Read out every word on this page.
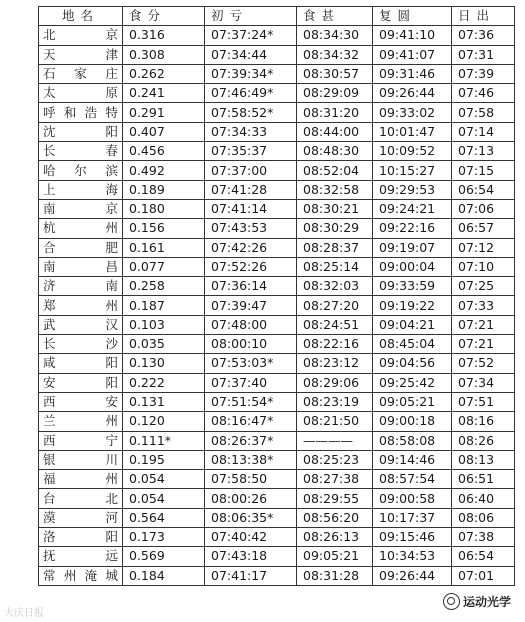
地名	食分	初亏	食甚	复圆	日出
北京	0.316	07:37:24*	08:34:30	09:41:10	07:36
天津	0.308	07:34:44	08:34:32	09:41:07	07:31
石家庄	0.262	07:39:34*	08:30:57	09:31:46	07:39
太原	0.241	07:46:49*	08:29:09	09:26:44	07:46
呼和浩特	0.291	07:58:52*	08:31:20	09:33:02	07:58
沈阳	0.407	07:34:33	08:44:00	10:01:47	07:14
长春	0.456	07:35:37	08:48:30	10:09:52	07:13
哈尔滨	0.492	07:37:00	08:52:04	10:15:27	07:15
上海	0.189	07:41:28	08:32:58	09:29:53	06:54
南京	0.180	07:41:14	08:30:21	09:24:21	07:06
杭州	0.156	07:43:53	08:30:29	09:22:16	06:57
合肥	0.161	07:42:26	08:28:37	09:19:07	07:12
南昌	0.077	07:52:26	08:25:14	09:00:04	07:10
济南	0.258	07:36:14	08:32:03	09:33:59	07:25
郑州	0.187	07:39:47	08:27:20	09:19:22	07:33
武汉	0.103	07:48:00	08:24:51	09:04:21	07:21
长沙	0.035	08:00:10	08:22:16	08:45:04	07:21
咸阳	0.130	07:53:03*	08:23:12	09:04:56	07:52
安阳	0.222	07:37:40	08:29:06	09:25:42	07:34
西安	0.131	07:51:54*	08:23:19	09:05:21	07:51
兰州	0.120	08:16:47*	08:21:50	09:00:18	08:16
西宁	0.111*	08:26:37*	————	08:58:08	08:26
银川	0.195	08:13:38*	08:25:23	09:14:46	08:13
福州	0.054	07:58:50	08:27:38	08:57:54	06:51
台北	0.054	08:00:26	08:29:55	09:00:58	06:40
漠河	0.564	08:06:35*	08:56:20	10:17:37	08:06
洛阳	0.173	07:40:42	08:26:13	09:15:46	07:38
抚远	0.569	07:43:18	09:05:21	10:34:53	06:54
常州淹城	0.184	07:41:17	08:31:28	09:26:44	07:01
大庆日报
运动光学
